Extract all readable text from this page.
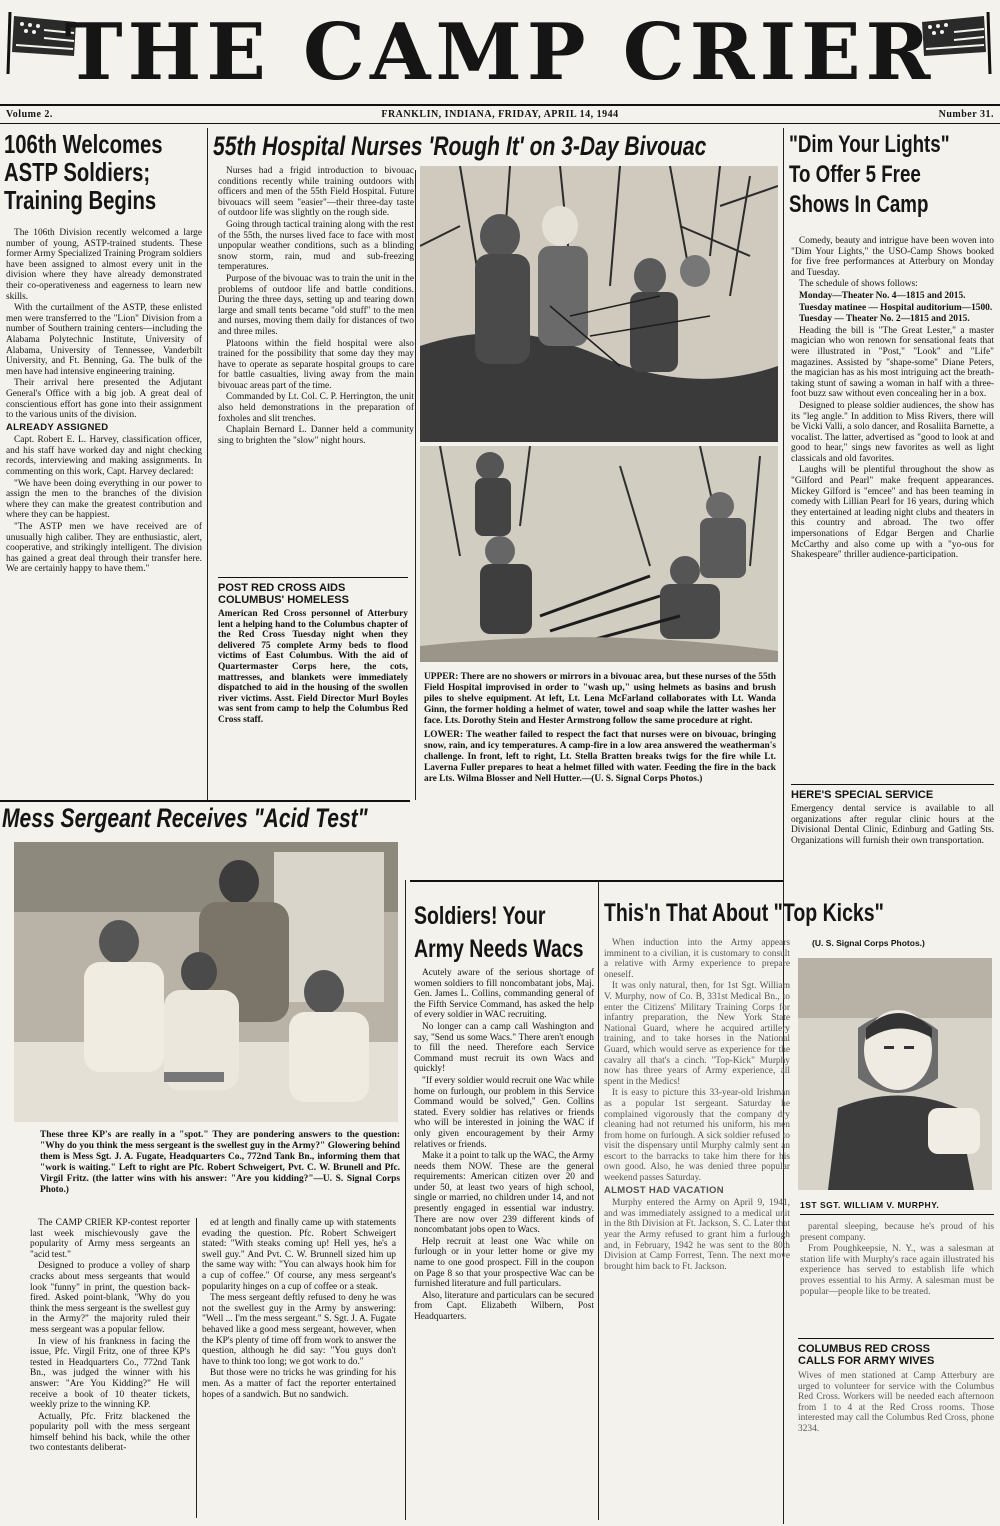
THE CAMP CRIER
Volume 2.	FRANKLIN, INDIANA, FRIDAY, APRIL 14, 1944	Number 31.
106th Welcomes
ASTP Soldiers;
Training Begins

The 106th Division recently welcomed a large number of young, ASTP-trained students. These former Army Specialized Training Program soldiers have been assigned to almost every unit in the division where they have already demonstrated their co-operativeness and eagerness to learn new skills.

With the curtailment of the ASTP, these enlisted men were transferred to the "Lion" Division from a number of Southern training centers—including the Alabama Polytechnic Institute, University of Alabama, University of Tennessee, Vanderbilt University, and Ft. Benning, Ga. The bulk of the men have had intensive engineering training.

Their arrival here presented the Adjutant General's Office with a big job. A great deal of conscientious effort has gone into their assignment to the various units of the division.

ALREADY ASSIGNED

Capt. Robert E. L. Harvey, classification officer, and his staff have worked day and night checking records, interviewing and making assignments. In commenting on this work, Capt. Harvey declared:

"We have been doing everything in our power to assign the men to the branches of the division where they can make the greatest contribution and where they can be happiest.

"The ASTP men we have received are of unusually high caliber. They are enthusiastic, alert, cooperative, and strikingly intelligent. The division has gained a great deal through their transfer here. We are certainly happy to have them."

55th Hospital Nurses 'Rough It' on 3-Day Bivouac

Nurses had a frigid introduction to bivouac conditions recently while training outdoors with officers and men of the 55th Field Hospital. Future bivouacs will seem "easier"—their three-day taste of outdoor life was slightly on the rough side.

Going through tactical training along with the rest of the 55th, the nurses lived face to face with most unpopular weather conditions, such as a blinding snow storm, rain, mud and sub-freezing temperatures.

Purpose of the bivouac was to train the unit in the problems of outdoor life and battle conditions. During the three days, setting up and tearing down large and small tents became "old stuff" to the men and nurses, moving them daily for distances of two and three miles.

Platoons within the field hospital were also trained for the possibility that some day they may have to operate as separate hospital groups to care for battle casualties, living away from the main bivouac areas part of the time.

Commanded by Lt. Col. C. P. Herrington, the unit also held demonstrations in the preparation of foxholes and slit trenches.

Chaplain Bernard L. Danner held a community sing to brighten the "slow" night hours.

POST RED CROSS AIDS
COLUMBUS' HOMELESS
American Red Cross personnel of Atterbury lent a helping hand to the Columbus chapter of the Red Cross Tuesday night when they delivered 75 complete Army beds to flood victims of East Columbus. With the aid of Quartermaster Corps here, the cots, mattresses, and blankets were immediately dispatched to aid in the housing of the swollen river victims. Asst. Field Director Murl Boyles was sent from camp to help the Columbus Red Cross staff.
UPPER: There are no showers or mirrors in a bivouac area, but these nurses of the 55th Field Hospital improvised in order to "wash up," using helmets as basins and brush piles to shelve equipment. At left, Lt. Lena McFarland collaborates with Lt. Wanda Ginn, the former holding a helmet of water, towel and soap while the latter washes her face. Lts. Dorothy Stein and Hester Armstrong follow the same procedure at right.
LOWER: The weather failed to respect the fact that nurses were on bivouac, bringing snow, rain, and icy temperatures. A camp-fire in a low area answered the weatherman's challenge. In front, left to right, Lt. Stella Bratten breaks twigs for the fire while Lt. Laverna Fuller prepares to heat a helmet filled with water. Feeding the fire in the back are Lts. Wilma Blosser and Nell Hutter.—(U. S. Signal Corps Photos.)
"Dim Your Lights"
To Offer 5 Free
Shows In Camp

Comedy, beauty and intrigue have been woven into "Dim Your Lights," the USO-Camp Shows booked for five free performances at Atterbury on Monday and Tuesday.

The schedule of shows follows:

Monday—Theater No. 4—1815 and 2015.

Tuesday matinee — Hospital auditorium—1500.

Tuesday — Theater No. 2—1815 and 2015.

Heading the bill is "The Great Lester," a master magician who won renown for sensational feats that were illustrated in "Post," "Look" and "Life" magazines. Assisted by "shape-some" Diane Peters, the magician has as his most intriguing act the breath-taking stunt of sawing a woman in half with a three-foot buzz saw without even concealing her in a box.

Designed to please soldier audiences, the show has its "leg angle." In addition to Miss Rivers, there will be Vicki Valli, a solo dancer, and Rosaliita Barnette, a vocalist. The latter, advertised as "good to look at and good to hear," sings new favorites as well as light classicals and old favorites.

Laughs will be plentiful throughout the show as "Gilford and Pearl" make frequent appearances. Mickey Gilford is "emcee" and has been teaming in comedy with Lillian Pearl for 16 years, during which they entertained at leading night clubs and theaters in this country and abroad. The two offer impersonations of Edgar Bergen and Charlie McCarthy and also come up with a "yo-ous for Shakespeare" thriller audience-participation.

HERE'S SPECIAL SERVICE
Emergency dental service is available to all organizations after regular clinic hours at the Divisional Dental Clinic, Edinburg and Gatling Sts. Organizations will furnish their own transportation.
Mess Sergeant Receives "Acid Test"
These three KP's are really in a "spot." They are pondering answers to the question: "Why do you think the mess sergeant is the swellest guy in the Army?" Glowering behind them is Mess Sgt. J. A. Fugate, Headquarters Co., 772nd Tank Bn., informing them that "work is waiting." Left to right are Pfc. Robert Schweigert, Pvt. C. W. Brunell and Pfc. Virgil Fritz. (the latter wins with his answer: "Are you kidding?"—U. S. Signal Corps Photo.)

The CAMP CRIER KP-contest reporter last week mischievously gave the popularity of Army mess sergeants an "acid test."

Designed to produce a volley of sharp cracks about mess sergeants that would look "funny" in print, the question back-fired. Asked point-blank, "Why do you think the mess sergeant is the swellest guy in the Army?" the majority ruled their mess sergeant was a popular fellow.

In view of his frankness in facing the issue, Pfc. Virgil Fritz, one of three KP's tested in Headquarters Co., 772nd Tank Bn., was judged the winner with his answer: "Are You Kidding?" He will receive a book of 10 theater tickets, weekly prize to the winning KP.

Actually, Pfc. Fritz blackened the popularity poll with the mess sergeant himself behind his back, while the other two contestants deliberat-

ed at length and finally came up with statements evading the question. Pfc. Robert Schweigert stated: "With steaks coming up! Hell yes, he's a swell guy." And Pvt. C. W. Brunnell sized him up the same way with: "You can always hook him for a cup of coffee." Of course, any mess sergeant's popularity hinges on a cup of coffee or a steak.

The mess sergeant deftly refused to deny he was not the swellest guy in the Army by answering: "Well ... I'm the mess sergeant." S. Sgt. J. A. Fugate behaved like a good mess sergeant, however, when the KP's plenty of time off from work to answer the question, although he did say: "You guys don't have to think too long; we got work to do."

But those were no tricks he was grinding for his men. As a matter of fact the reporter entertained hopes of a sandwich. But no sandwich.

Soldiers! Your
Army Needs Wacs

Acutely aware of the serious shortage of women soldiers to fill noncombatant jobs, Maj. Gen. James L. Collins, commanding general of the Fifth Service Command, has asked the help of every soldier in WAC recruiting.

No longer can a camp call Washington and say, "Send us some Wacs." There aren't enough to fill the need. Therefore each Service Command must recruit its own Wacs and quickly!

"If every soldier would recruit one Wac while home on furlough, our problem in this Service Command would be solved," Gen. Collins stated. Every soldier has relatives or friends who will be interested in joining the WAC if only given encouragement by their Army relatives or friends.

Make it a point to talk up the WAC, the Army needs them NOW. These are the general requirements: American citizen over 20 and under 50, at least two years of high school, single or married, no children under 14, and not presently engaged in essential war industry. There are now over 239 different kinds of noncombatant jobs open to Wacs.

Help recruit at least one Wac while on furlough or in your letter home or give my name to one good prospect. Fill in the coupon on Page 8 so that your prospective Wac can be furnished literature and full particulars.

Also, literature and particulars can be secured from Capt. Elizabeth Wilbern, Post Headquarters.

This'n That About "Top Kicks"
(U. S. Signal Corps Photos.)

When induction into the Army appears imminent to a civilian, it is customary to consult a relative with Army experience to prepare oneself.

It was only natural, then, for 1st Sgt. William V. Murphy, now of Co. B, 331st Medical Bn., to enter the Citizens' Military Training Corps for infantry preparation, the New York State National Guard, where he acquired artillery training, and to take horses in the National Guard, which would serve as experience for the cavalry all that's a cinch. "Top-Kick" Murphy now has three years of Army experience, all spent in the Medics!

It is easy to picture this 33-year-old Irishman as a popular 1st sergeant. Saturday he complained vigorously that the company dry cleaning had not returned his uniform, his men from home on furlough. A sick soldier refused to visit the dispensary until Murphy calmly sent an escort to the barracks to take him there for his own good. Also, he was denied three popular weekend passes Saturday.

ALMOST HAD VACATION

Murphy entered the Army on April 9, 1941, and was immediately assigned to a medical unit in the 8th Division at Ft. Jackson, S. C. Later that year the Army refused to grant him a furlough and, in February, 1942 he was sent to the 80th Division at Camp Forrest, Tenn. The next move brought him back to Ft. Jackson.

1ST SGT. WILLIAM V. MURPHY.

parental sleeping, because he's proud of his present company.

From Poughkeepsie, N. Y., was a salesman at station life with Murphy's race again illustrated his experience has served to establish life which proves essential to his Army. A salesman must be popular—people like to be treated.

COLUMBUS RED CROSS
CALLS FOR ARMY WIVES
Wives of men stationed at Camp Atterbury are urged to volunteer for service with the Columbus Red Cross. Workers will be needed each afternoon from 1 to 4 at the Red Cross rooms. Those interested may call the Columbus Red Cross, phone 3234.
